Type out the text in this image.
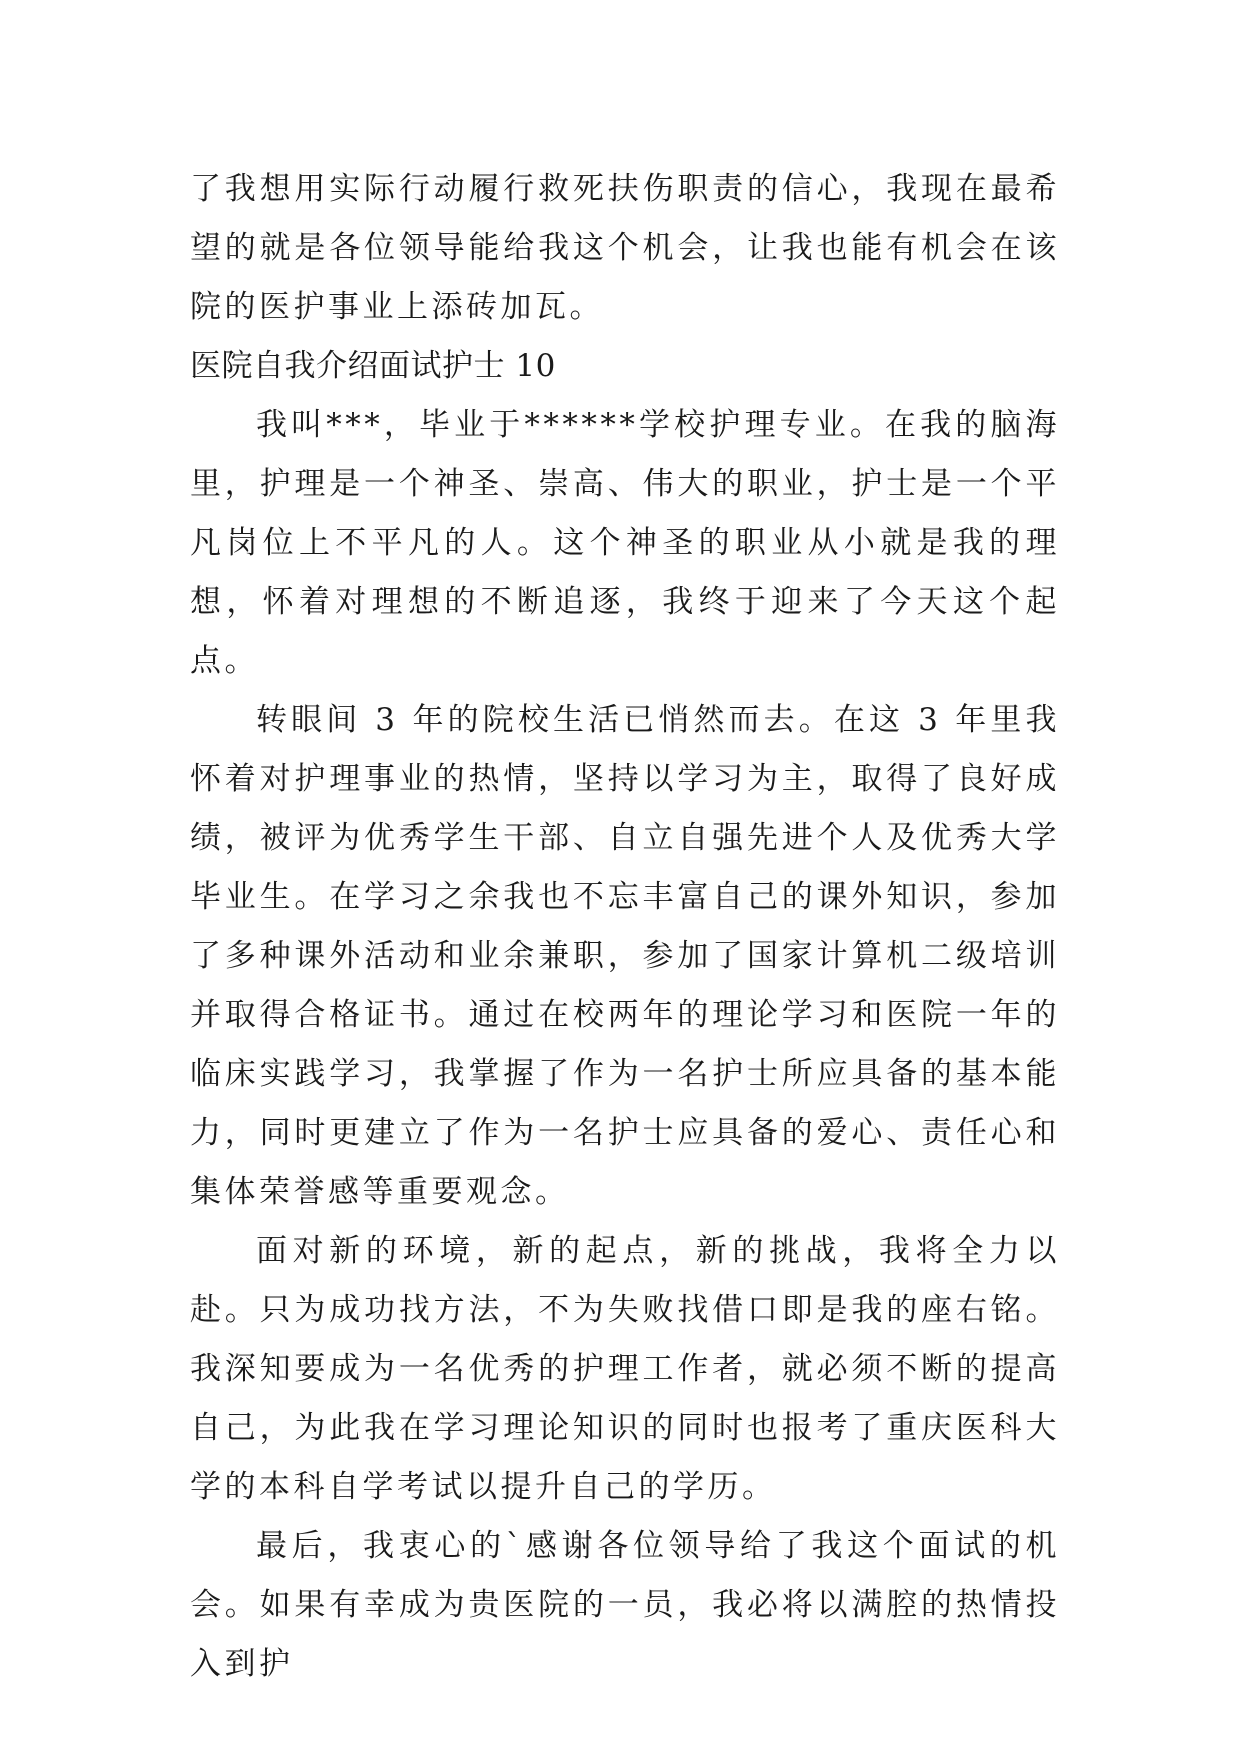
了我想用实际行动履行救死扶伤职责的信心，我现在最希望的就是各位领导能给我这个机会，让我也能有机会在该院的医护事业上添砖加瓦。

医院自我介绍面试护士 10

我叫***，毕业于******学校护理专业。在我的脑海里，护理是一个神圣、崇高、伟大的职业，护士是一个平凡岗位上不平凡的人。这个神圣的职业从小就是我的理想，怀着对理想的不断追逐，我终于迎来了今天这个起点。

转眼间 3 年的院校生活已悄然而去。在这 3 年里我怀着对护理事业的热情，坚持以学习为主，取得了良好成绩，被评为优秀学生干部、自立自强先进个人及优秀大学毕业生。在学习之余我也不忘丰富自己的课外知识，参加了多种课外活动和业余兼职，参加了国家计算机二级培训并取得合格证书。通过在校两年的理论学习和医院一年的临床实践学习，我掌握了作为一名护士所应具备的基本能力，同时更建立了作为一名护士应具备的爱心、责任心和集体荣誉感等重要观念。

面对新的环境，新的起点，新的挑战，我将全力以赴。只为成功找方法，不为失败找借口即是我的座右铭。我深知要成为一名优秀的护理工作者，就必须不断的提高自己，为此我在学习理论知识的同时也报考了重庆医科大学的本科自学考试以提升自己的学历。

最后，我衷心的`感谢各位领导给了我这个面试的机会。如果有幸成为贵医院的一员，我必将以满腔的热情投入到护
